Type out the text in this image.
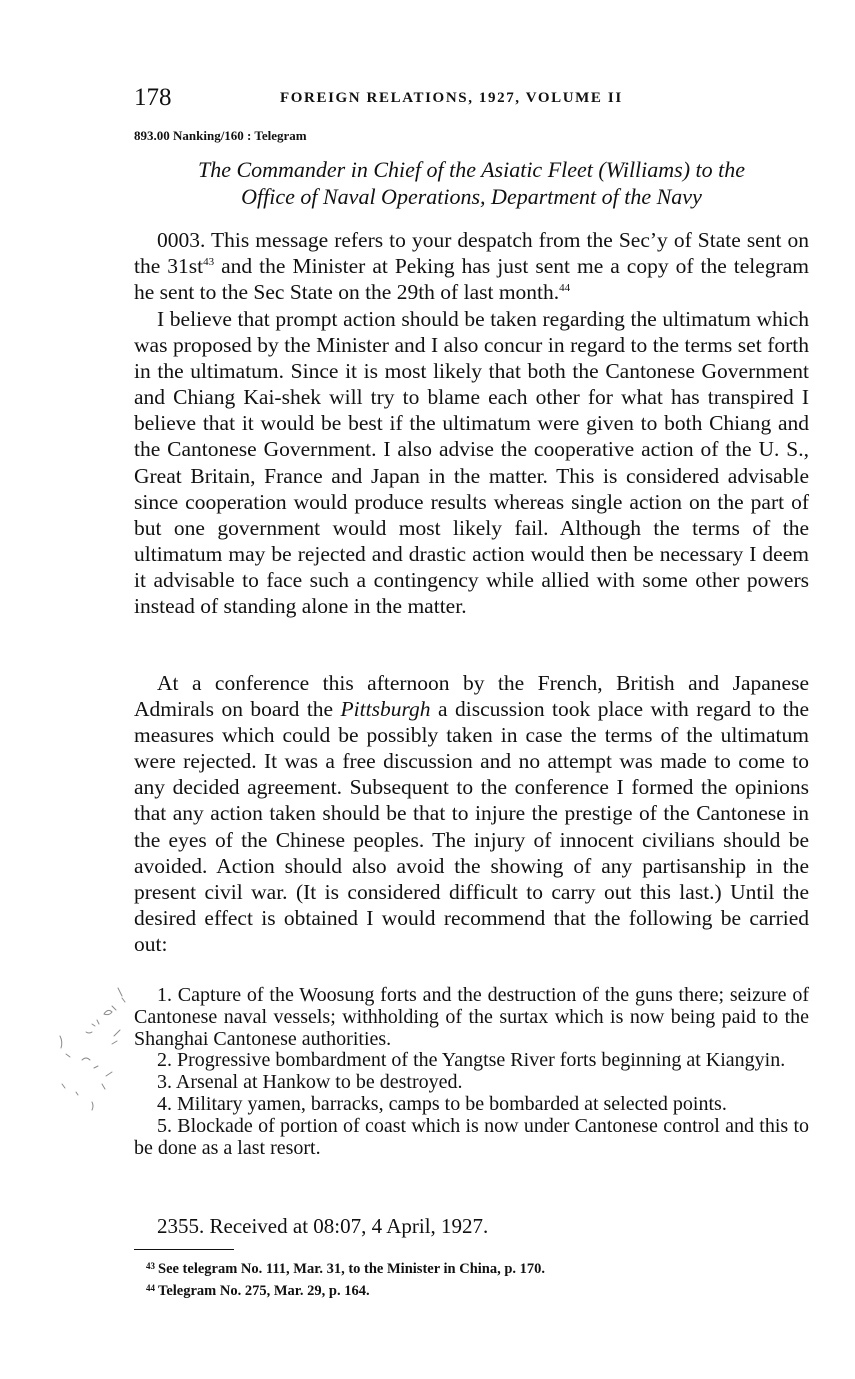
178	FOREIGN RELATIONS, 1927, VOLUME II
893.00 Nanking/160 : Telegram
The Commander in Chief of the Asiatic Fleet (Williams) to the
Office of Naval Operations, Department of the Navy

0003. This message refers to your despatch from the Sec’y of State sent on the $31st^{43}$ and the Minister at Peking has just sent me a copy of the telegram he sent to the Sec State on the 29th of last month.$^{44}$

I believe that prompt action should be taken regarding the ultimatum which was proposed by the Minister and I also concur in regard to the terms set forth in the ultimatum. Since it is most likely that both the Cantonese Government and Chiang Kai-shek will try to blame each other for what has transpired I believe that it would be best if the ultimatum were given to both Chiang and the Cantonese Government. I also advise the cooperative action of the U. S., Great Britain, France and Japan in the matter. This is considered advisable since cooperation would produce results whereas single action on the part of but one government would most likely fail. Although the terms of the ultimatum may be rejected and drastic action would then be necessary I deem it advisable to face such a contingency while allied with some other powers instead of standing alone in the matter.

At a conference this afternoon by the French, British and Japanese Admirals on board the Pittsburgh a discussion took place with regard to the measures which could be possibly taken in case the terms of the ultimatum were rejected. It was a free discussion and no attempt was made to come to any decided agreement. Subsequent to the conference I formed the opinions that any action taken should be that to injure the prestige of the Cantonese in the eyes of the Chinese peoples. The injury of innocent civilians should be avoided. Action should also avoid the showing of any partisanship in the present civil war. (It is considered difficult to carry out this last.) Until the desired effect is obtained I would recommend that the following be carried out:

1. Capture of the Woosung forts and the destruction of the guns there; seizure of Cantonese naval vessels; withholding of the surtax which is now being paid to the Shanghai Cantonese authorities.

2. Progressive bombardment of the Yangtse River forts beginning at Kiangyin.

3. Arsenal at Hankow to be destroyed.

4. Military yamen, barracks, camps to be bombarded at selected points.

5. Blockade of portion of coast which is now under Cantonese control and this to be done as a last resort.

2355. Received at 08:07, 4 April, 1927.
$^{43}$ See telegram No. 111, Mar. 31, to the Minister in China, p. 170.
$^{44}$ Telegram No. 275, Mar. 29, p. 164.
